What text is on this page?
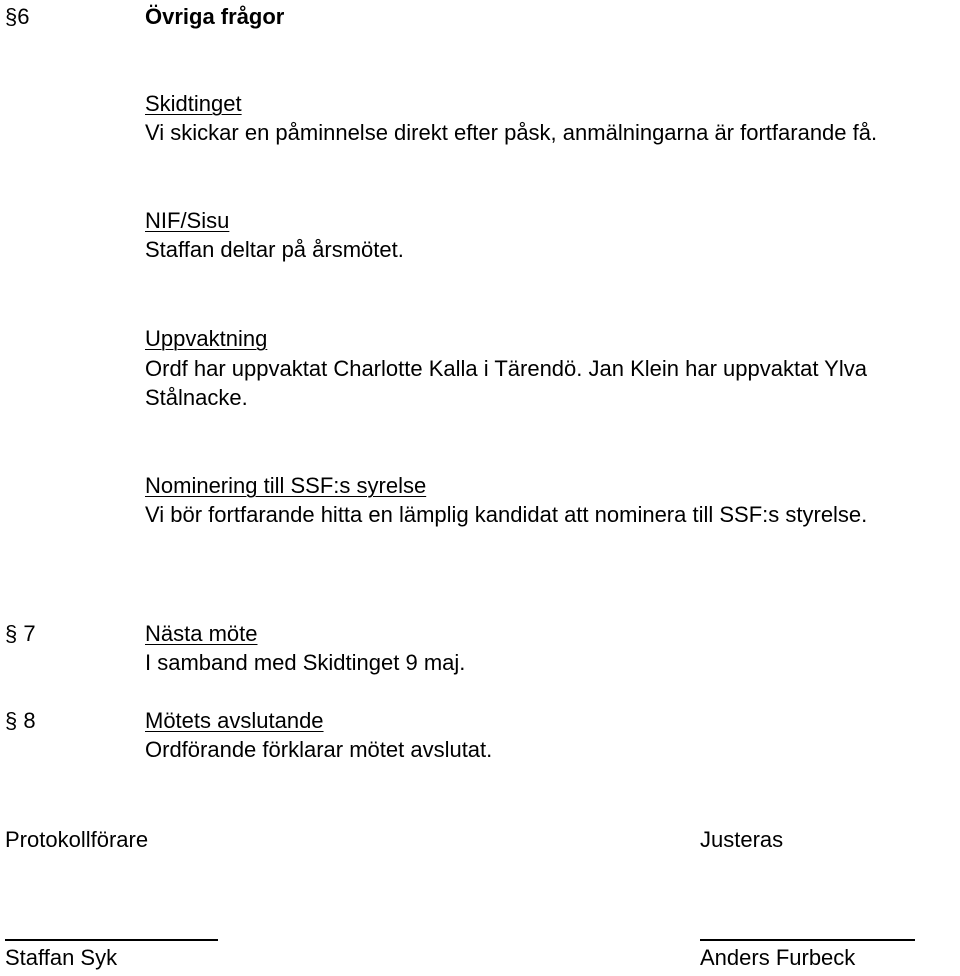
§6	Övriga frågor
Skidtinget
Vi skickar en påminnelse direkt efter påsk, anmälningarna är fortfarande få.
NIF/Sisu
Staffan deltar på årsmötet.
Uppvaktning
Ordf har uppvaktat Charlotte Kalla i Tärendö. Jan Klein har uppvaktat Ylva Stålnacke.
Nominering till SSF:s syrelse
Vi bör fortfarande hitta en lämplig kandidat att nominera till SSF:s styrelse.
§ 7	Nästa möte
I samband med Skidtinget 9 maj.
§ 8	Mötets avslutande
Ordförande förklarar mötet avslutat.
Protokollförare	Justeras
Staffan Syk	Anders Furbeck
